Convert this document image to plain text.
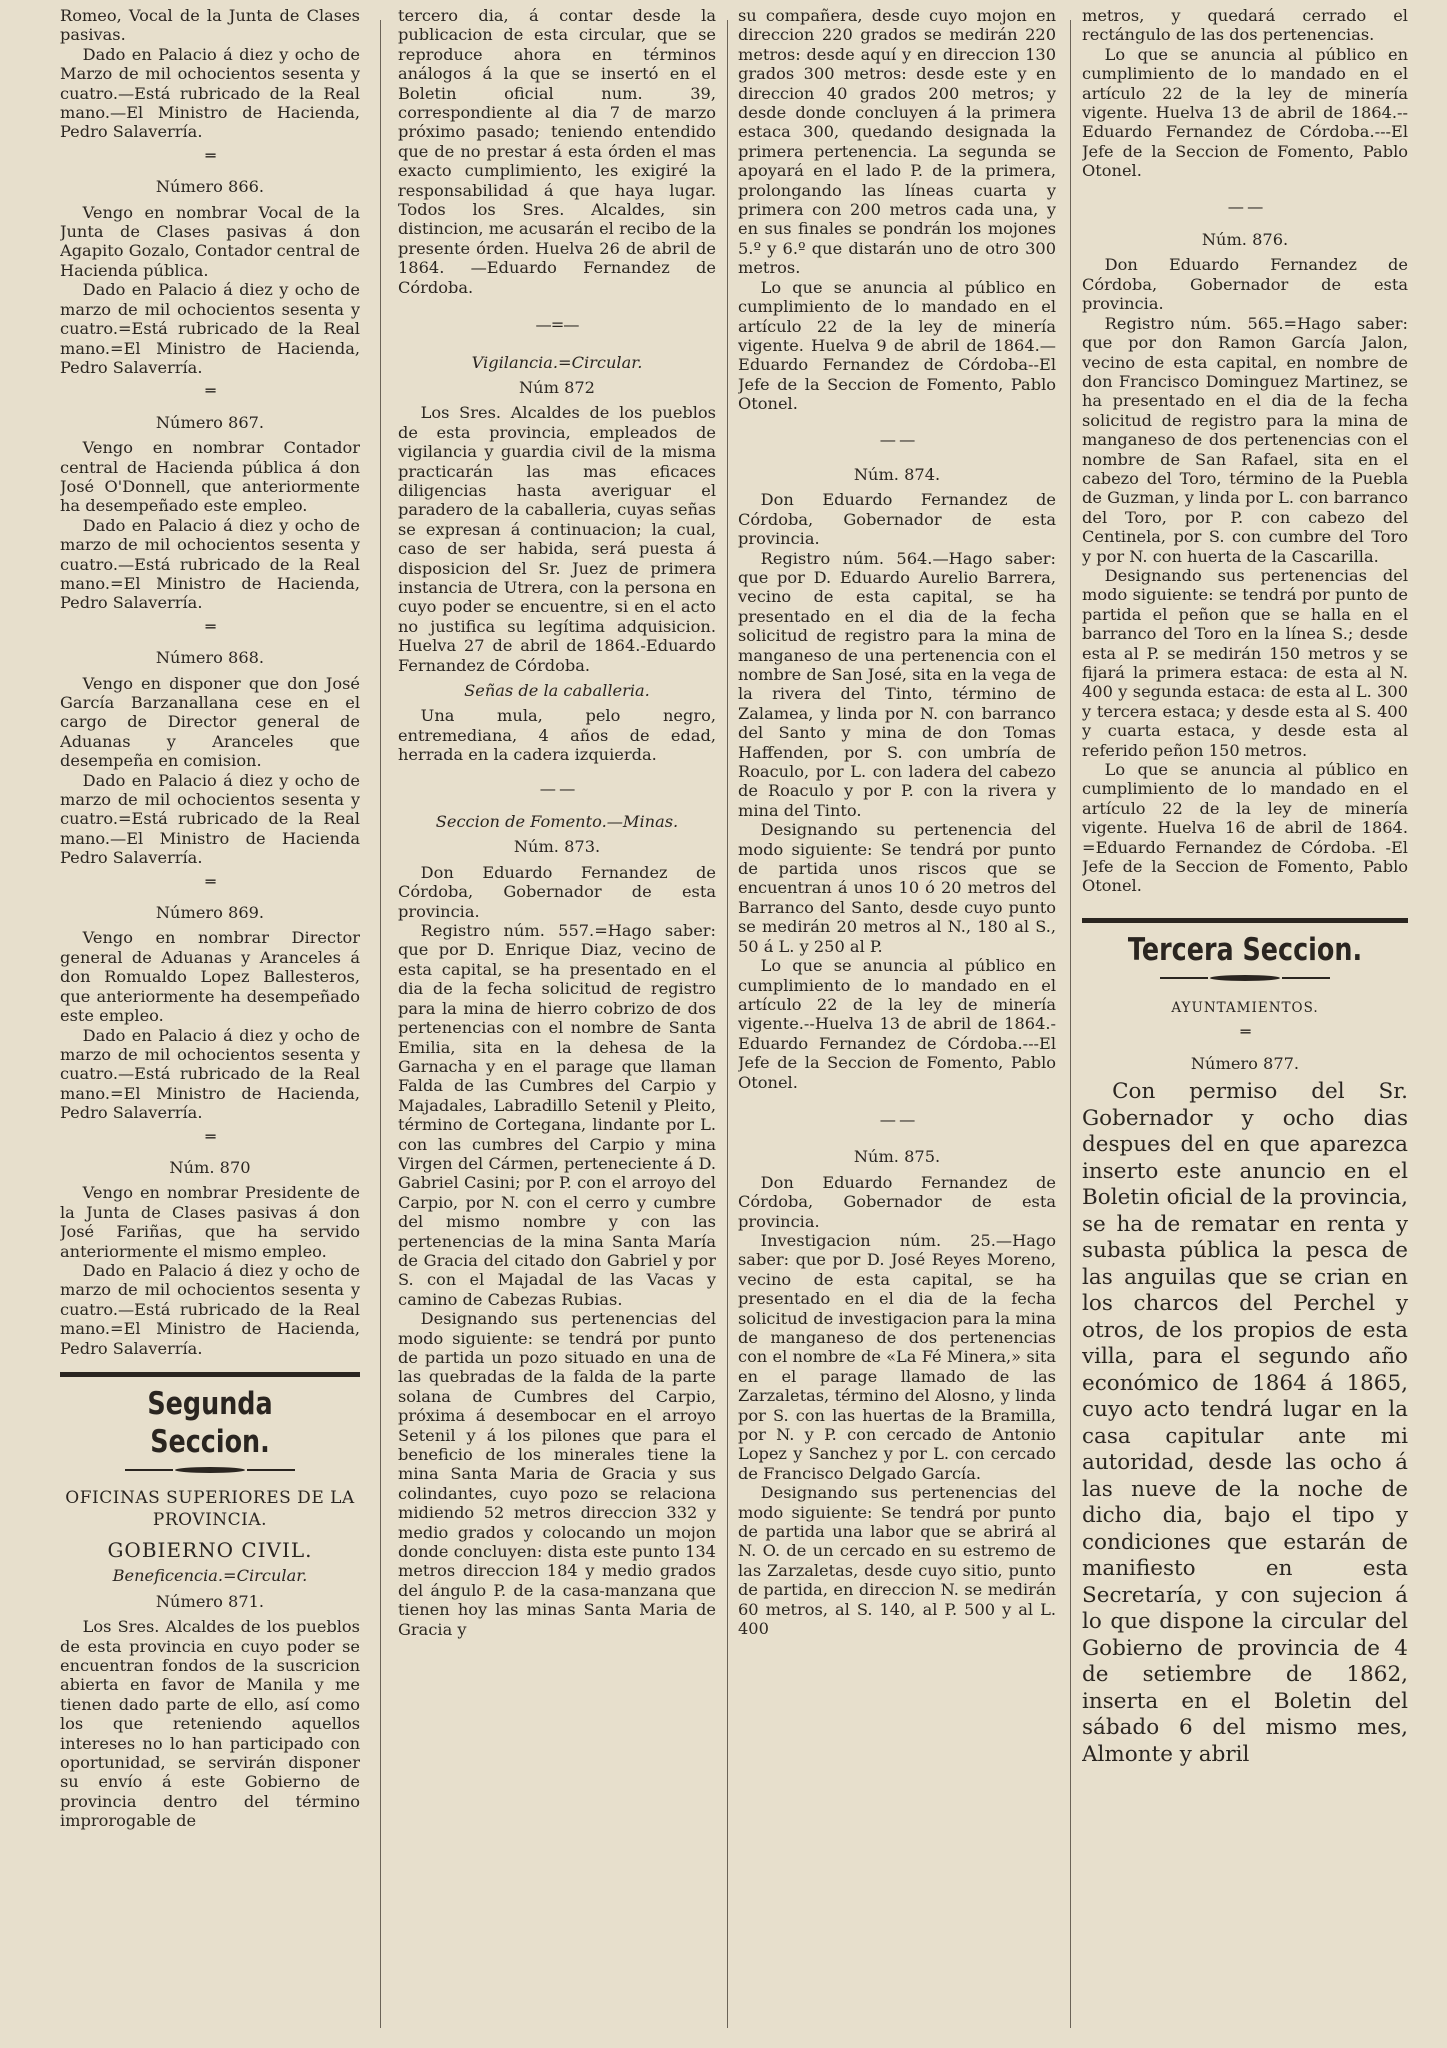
Romeo, Vocal de la Junta de Clases pasivas.

Dado en Palacio á diez y ocho de Marzo de mil ochocientos sesenta y cuatro.—Está rubricado de la Real mano.—El Ministro de Hacienda, Pedro Salaverría.

═

Número 866.

Vengo en nombrar Vocal de la Junta de Clases pasivas á don Agapito Gozalo, Contador central de Hacienda pública.

Dado en Palacio á diez y ocho de marzo de mil ochocientos sesenta y cuatro.=Está rubricado de la Real mano.=El Ministro de Hacienda, Pedro Salaverría.

═

Número 867.

Vengo en nombrar Contador central de Hacienda pública á don José O'Donnell, que anteriormente ha desempeñado este empleo.

Dado en Palacio á diez y ocho de marzo de mil ochocientos sesenta y cuatro.—Está rubricado de la Real mano.=El Ministro de Hacienda, Pedro Salaverría.

═

Número 868.

Vengo en disponer que don José García Barzanallana cese en el cargo de Director general de Aduanas y Aranceles que desempeña en comision.

Dado en Palacio á diez y ocho de marzo de mil ochocientos sesenta y cuatro.=Está rubricado de la Real mano.—El Ministro de Hacienda Pedro Salaverría.

═

Número 869.

Vengo en nombrar Director general de Aduanas y Aranceles á don Romualdo Lopez Ballesteros, que anteriormente ha desempeñado este empleo.

Dado en Palacio á diez y ocho de marzo de mil ochocientos sesenta y cuatro.—Está rubricado de la Real mano.=El Ministro de Hacienda, Pedro Salaverría.

═

Núm. 870

Vengo en nombrar Presidente de la Junta de Clases pasivas á don José Fariñas, que ha servido anteriormente el mismo empleo.

Dado en Palacio á diez y ocho de marzo de mil ochocientos sesenta y cuatro.—Está rubricado de la Real mano.=El Ministro de Hacienda, Pedro Salaverría.

Segunda Seccion.

OFICINAS SUPERIORES DE LA PROVINCIA.

GOBIERNO CIVIL.

Beneficencia.=Circular.

Número 871.

Los Sres. Alcaldes de los pueblos de esta provincia en cuyo poder se encuentran fondos de la suscricion abierta en favor de Manila y me tienen dado parte de ello, así como los que reteniendo aquellos intereses no lo han participado con oportunidad, se servirán disponer su envío á este Gobierno de provincia dentro del término improrogable de

tercero dia, á contar desde la publicacion de esta circular, que se reproduce ahora en términos análogos á la que se insertó en el Boletin oficial num. 39, correspondiente al dia 7 de marzo próximo pasado; teniendo entendido que de no prestar á esta órden el mas exacto cumplimiento, les exigiré la responsabilidad á que haya lugar. Todos los Sres. Alcaldes, sin distincion, me acusarán el recibo de la presente órden. Huelva 26 de abril de 1864. —Eduardo Fernandez de Córdoba.

—=—

Vigilancia.=Circular.

Núm 872

Los Sres. Alcaldes de los pueblos de esta provincia, empleados de vigilancia y guardia civil de la misma practicarán las mas eficaces diligencias hasta averiguar el paradero de la caballeria, cuyas señas se expresan á continuacion; la cual, caso de ser habida, será puesta á disposicion del Sr. Juez de primera instancia de Utrera, con la persona en cuyo poder se encuentre, si en el acto no justifica su legítima adquisicion. Huelva 27 de abril de 1864.-Eduardo Fernandez de Córdoba.

Señas de la caballeria.

Una mula, pelo negro, entremediana, 4 años de edad, herrada en la cadera izquierda.

— —

Seccion de Fomento.—Minas.

Núm. 873.

Don Eduardo Fernandez de Córdoba, Gobernador de esta provincia.

Registro núm. 557.=Hago saber: que por D. Enrique Diaz, vecino de esta capital, se ha presentado en el dia de la fecha solicitud de registro para la mina de hierro cobrizo de dos pertenencias con el nombre de Santa Emilia, sita en la dehesa de la Garnacha y en el parage que llaman Falda de las Cumbres del Carpio y Majadales, Labradillo Setenil y Pleito, término de Cortegana, lindante por L. con las cumbres del Carpio y mina Virgen del Cármen, perteneciente á D. Gabriel Casini; por P. con el arroyo del Carpio, por N. con el cerro y cumbre del mismo nombre y con las pertenencias de la mina Santa María de Gracia del citado don Gabriel y por S. con el Majadal de las Vacas y camino de Cabezas Rubias.

Designando sus pertenencias del modo siguiente: se tendrá por punto de partida un pozo situado en una de las quebradas de la falda de la parte solana de Cumbres del Carpio, próxima á desembocar en el arroyo Setenil y á los pilones que para el beneficio de los minerales tiene la mina Santa Maria de Gracia y sus colindantes, cuyo pozo se relaciona midiendo 52 metros direccion 332 y medio grados y colocando un mojon donde concluyen: dista este punto 134 metros direccion 184 y medio grados del ángulo P. de la casa-manzana que tienen hoy las minas Santa Maria de Gracia y

su compañera, desde cuyo mojon en direccion 220 grados se medirán 220 metros: desde aquí y en direccion 130 grados 300 metros: desde este y en direccion 40 grados 200 metros; y desde donde concluyen á la primera estaca 300, quedando designada la primera pertenencia. La segunda se apoyará en el lado P. de la primera, prolongando las líneas cuarta y primera con 200 metros cada una, y en sus finales se pondrán los mojones 5.º y 6.º que distarán uno de otro 300 metros.

Lo que se anuncia al público en cumplimiento de lo mandado en el artículo 22 de la ley de minería vigente. Huelva 9 de abril de 1864.—Eduardo Fernandez de Córdoba--El Jefe de la Seccion de Fomento, Pablo Otonel.

— —

Núm. 874.

Don Eduardo Fernandez de Córdoba, Gobernador de esta provincia.

Registro núm. 564.—Hago saber: que por D. Eduardo Aurelio Barrera, vecino de esta capital, se ha presentado en el dia de la fecha solicitud de registro para la mina de manganeso de una pertenencia con el nombre de San José, sita en la vega de la rivera del Tinto, término de Zalamea, y linda por N. con barranco del Santo y mina de don Tomas Haffenden, por S. con umbría de Roaculo, por L. con ladera del cabezo de Roaculo y por P. con la rivera y mina del Tinto.

Designando su pertenencia del modo siguiente: Se tendrá por punto de partida unos riscos que se encuentran á unos 10 ó 20 metros del Barranco del Santo, desde cuyo punto se medirán 20 metros al N., 180 al S., 50 á L. y 250 al P.

Lo que se anuncia al público en cumplimiento de lo mandado en el artículo 22 de la ley de minería vigente.--Huelva 13 de abril de 1864.-Eduardo Fernandez de Córdoba.---El Jefe de la Seccion de Fomento, Pablo Otonel.

— —

Núm. 875.

Don Eduardo Fernandez de Córdoba, Gobernador de esta provincia.

Investigacion núm. 25.—Hago saber: que por D. José Reyes Moreno, vecino de esta capital, se ha presentado en el dia de la fecha solicitud de investigacion para la mina de manganeso de dos pertenencias con el nombre de «La Fé Minera,» sita en el parage llamado de las Zarzaletas, término del Alosno, y linda por S. con las huertas de la Bramilla, por N. y P. con cercado de Antonio Lopez y Sanchez y por L. con cercado de Francisco Delgado García.

Designando sus pertenencias del modo siguiente: Se tendrá por punto de partida una labor que se abrirá al N. O. de un cercado en su estremo de las Zarzaletas, desde cuyo sitio, punto de partida, en direccion N. se medirán 60 metros, al S. 140, al P. 500 y al L. 400

metros, y quedará cerrado el rectángulo de las dos pertenencias.

Lo que se anuncia al público en cumplimiento de lo mandado en el artículo 22 de la ley de minería vigente. Huelva 13 de abril de 1864.--Eduardo Fernandez de Córdoba.---El Jefe de la Seccion de Fomento, Pablo Otonel.

— —

Núm. 876.

Don Eduardo Fernandez de Córdoba, Gobernador de esta provincia.

Registro núm. 565.=Hago saber: que por don Ramon García Jalon, vecino de esta capital, en nombre de don Francisco Dominguez Martinez, se ha presentado en el dia de la fecha solicitud de registro para la mina de manganeso de dos pertenencias con el nombre de San Rafael, sita en el cabezo del Toro, término de la Puebla de Guzman, y linda por L. con barranco del Toro, por P. con cabezo del Centinela, por S. con cumbre del Toro y por N. con huerta de la Cascarilla.

Designando sus pertenencias del modo siguiente: se tendrá por punto de partida el peñon que se halla en el barranco del Toro en la línea S.; desde esta al P. se medirán 150 metros y se fijará la primera estaca: de esta al N. 400 y segunda estaca: de esta al L. 300 y tercera estaca; y desde esta al S. 400 y cuarta estaca, y desde esta al referido peñon 150 metros.

Lo que se anuncia al público en cumplimiento de lo mandado en el artículo 22 de la ley de minería vigente. Huelva 16 de abril de 1864. =Eduardo Fernandez de Córdoba. -El Jefe de la Seccion de Fomento, Pablo Otonel.

Tercera Seccion.

AYUNTAMIENTOS.

═

Número 877.

Con permiso del Sr. Gobernador y ocho dias despues del en que aparezca inserto este anuncio en el Boletin oficial de la provincia, se ha de rematar en renta y subasta pública la pesca de las anguilas que se crian en los charcos del Perchel y otros, de los propios de esta villa, para el segundo año económico de 1864 á 1865, cuyo acto tendrá lugar en la casa capitular ante mi autoridad, desde las ocho á las nueve de la noche de dicho dia, bajo el tipo y condiciones que estarán de manifiesto en esta Secretaría, y con sujecion á lo que dispone la circular del Gobierno de provincia de 4 de setiembre de 1862, inserta en el Boletin del sábado 6 del mismo mes, Almonte y abril
